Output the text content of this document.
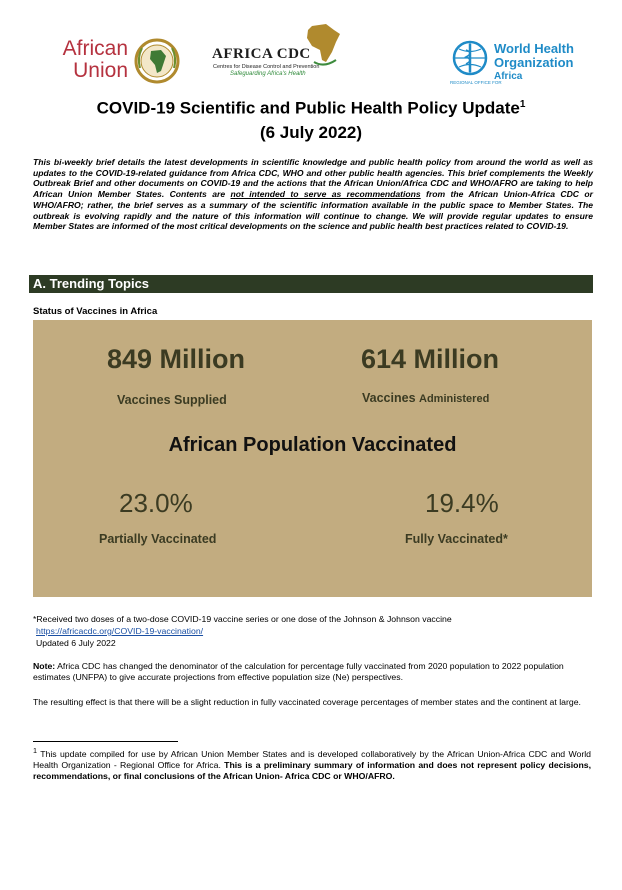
African
Union
AFRICA CDC
Centres for Disease Control and Prevention
Safeguarding Africa's Health
World Health
Organization
Africa
REGIONAL OFFICE FOR
COVID-19 Scientific and Public Health Policy Update$^1$
(6 July 2022)
This bi-weekly brief details the latest developments in scientific knowledge and public health policy from around the world as well as updates to the COVID-19-related guidance from Africa CDC, WHO and other public health agencies. This brief complements the Weekly Outbreak Brief and other documents on COVID-19 and the actions that the African Union/Africa CDC and WHO/AFRO are taking to help African Union Member States. Contents are not intended to serve as recommendations from the African Union-Africa CDC or WHO/AFRO; rather, the brief serves as a summary of the scientific information available in the public space to Member States. The outbreak is evolving rapidly and the nature of this information will continue to change. We will provide regular updates to ensure Member States are informed of the most critical developments on the science and public health best practices related to COVID-19.
A. Trending Topics
Status of Vaccines in Africa
849 Million
Vaccines Supplied
614 Million
Vaccines Administered
African Population Vaccinated
23.0%
Partially Vaccinated
19.4%
Fully Vaccinated*
*Received two doses of a two-dose COVID-19 vaccine series or one dose of the Johnson & Johnson vaccine
https://africacdc.org/COVID-19-vaccination/
Updated 6 July 2022
Note: Africa CDC has changed the denominator of the calculation for percentage fully vaccinated from 2020 population to 2022 population estimates (UNFPA) to give accurate projections from effective population size (Ne) perspectives.
The resulting effect is that there will be a slight reduction in fully vaccinated coverage percentages of member states and the continent at large.
$^1$ This update compiled for use by African Union Member States and is developed collaboratively by the African Union-Africa CDC and World Health Organization - Regional Office for Africa. This is a preliminary summary of information and does not represent policy decisions, recommendations, or final conclusions of the African Union- Africa CDC or WHO/AFRO.
